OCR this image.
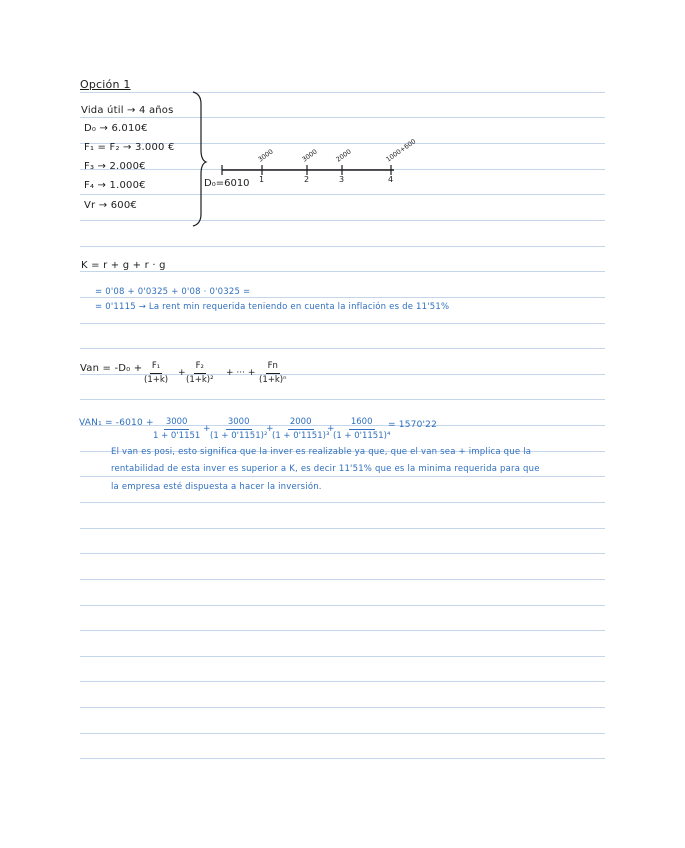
Opción 1
Vida útil → 4 años
D₀ → 6.010€
F₁ = F₂ → 3.000 €
F₃ → 2.000€
F₄ → 1.000€
Vr → 600€
D₀=6010 1	2	3	4
3000	3000 2000	1000+600
K = r + g + r · g
= 0'08 + 0'0325 + 0'08 · 0'0325 =
= 0'1115 → La rent min requerida teniendo en cuenta la inflación es de 11'51%
Van = $-D_0 + \frac{\text{F₁}}{(1+k)} + \frac{\text{F₂}}{\text{(1+k)²}}$ + ··· + $\frac{Fn}{\text{(1+k)ⁿ}}$
$VAN_1 = -6010 + \frac{3000}{1 + 0'1151} + \frac{3000}{\text{(1 + 0'1151)²}}$
+
$\frac{2000}{\text{(1 + 0'1151)³}}$
+
$\frac{1600}{\text{(1 + 0'1151)⁴}}$
= 1570'22
El van es posi, esto significa que la inver es realizable ya que, que el van sea + implica que la
rentabilidad de esta inver es superior a K, es decir 11'51% que es la minima requerida para que
la empresa esté dispuesta a hacer la inversión.
